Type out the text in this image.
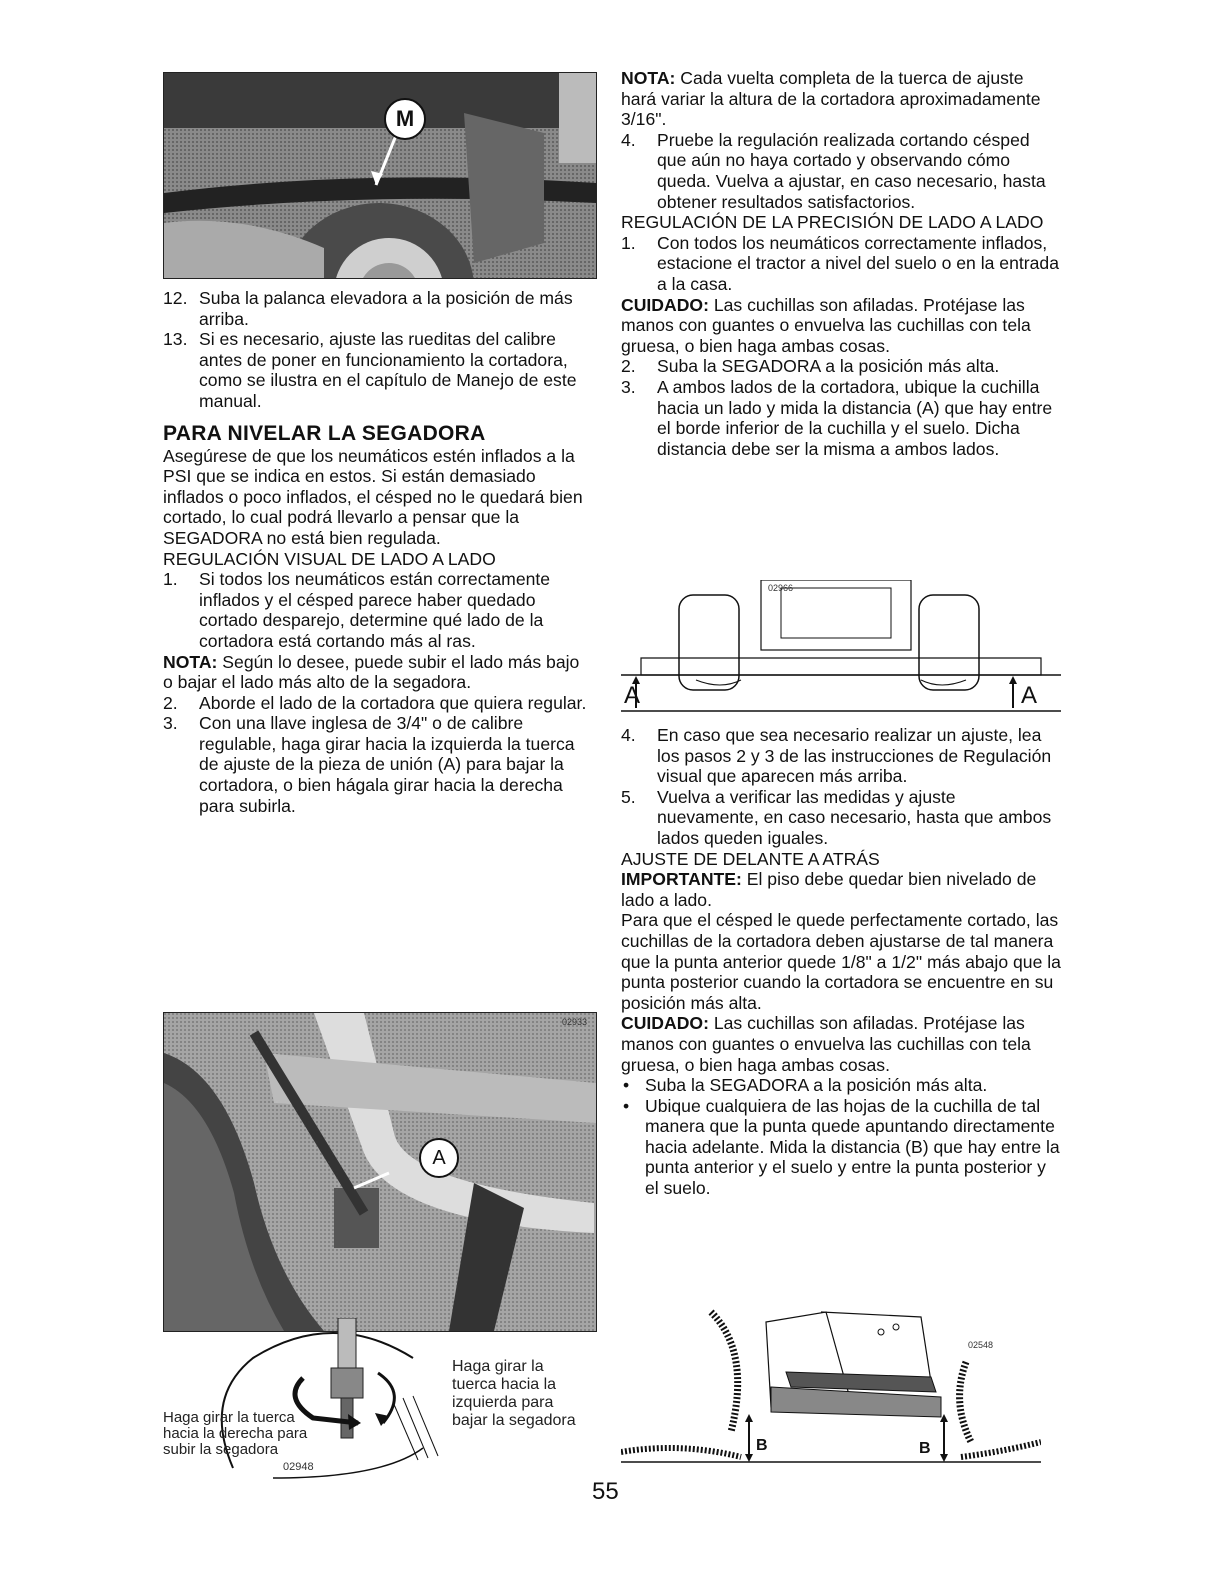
M
12. Suba la palanca elevadora a la posición de más arriba.
13. Si es necesario, ajuste las rueditas del calibre antes de poner en funcionamiento la cortadora, como se ilustra en el capítulo de Manejo de este manual.

PARA NIVELAR LA SEGADORA

Asegúrese de que los neumáticos estén inflados a la PSI que se indica en estos. Si están demasiado inflados o poco inflados, el césped no le quedará bien cortado, lo cual podrá llevarlo a pensar que la SEGADORA no está bien regulada.

REGULACIÓN VISUAL DE LADO A LADO

1.	Si todos los neumáticos están correctamente inflados y el césped parece haber quedado cortado desparejo, determine qué lado de la cortadora está cortando más al ras.

NOTA: Según lo desee, puede subir el lado más bajo o bajar el lado más alto de la segadora.

2.	Aborde el lado de la cortadora que quiera regular.
3.	Con una llave inglesa de 3/4" o de calibre regulable, haga girar hacia la izquierda la tuerca de ajuste de la pieza de unión (A) para bajar la cortadora, o bien hágala girar hacia la derecha para subirla.
A
02933
Haga girar la tuerca
hacia la derecha para
subir la segadora
Haga girar la
tuerca hacia la
izquierda para
bajar la segadora
02948

NOTA: Cada vuelta completa de la tuerca de ajuste hará variar la altura de la cortadora aproximadamente 3/16".

4.	Pruebe la regulación realizada cortando césped que aún no haya cortado y observando cómo queda. Vuelva a ajustar, en caso necesario, hasta obtener resultados satisfactorios.

REGULACIÓN DE LA PRECISIÓN DE LADO A LADO

1.	Con todos los neumáticos correctamente inflados, estacione el tractor a nivel del suelo o en la entrada a la casa.

CUIDADO: Las cuchillas son afiladas. Protéjase las manos con guantes o envuelva las cuchillas con tela gruesa, o bien haga ambas cosas.

2.	Suba la SEGADORA a la posición más alta.
3.	A ambos lados de la cortadora, ubique la cuchilla hacia un lado y mida la distancia (A) que hay entre el borde inferior de la cuchilla y el suelo. Dicha distancia debe ser la misma a ambos lados.
A	A
02966
4.	En caso que sea necesario realizar un ajuste, lea los pasos 2 y 3 de las instrucciones de Regulación visual que aparecen más arriba.
5.	Vuelva a verificar las medidas y ajuste nuevamente, en caso necesario, hasta que ambos lados queden iguales.

AJUSTE DE DELANTE A ATRÁS

IMPORTANTE: El piso debe quedar bien nivelado de lado a lado.

Para que el césped le quede perfectamente cortado, las cuchillas de la cortadora deben ajustarse de tal manera que la punta anterior quede 1/8" a 1/2" más abajo que la punta posterior cuando la cortadora se encuentre en su posición más alta.

CUIDADO: Las cuchillas son afiladas. Protéjase las manos con guantes o envuelva las cuchillas con tela gruesa, o bien haga ambas cosas.

• Suba la SEGADORA a la posición más alta.
• Ubique cualquiera de las hojas de la cuchilla de tal manera que la punta quede apuntando directamente hacia adelante. Mida la distancia (B) que hay entre la punta anterior y el suelo y entre la punta posterior y el suelo.
B	B
02548
55
